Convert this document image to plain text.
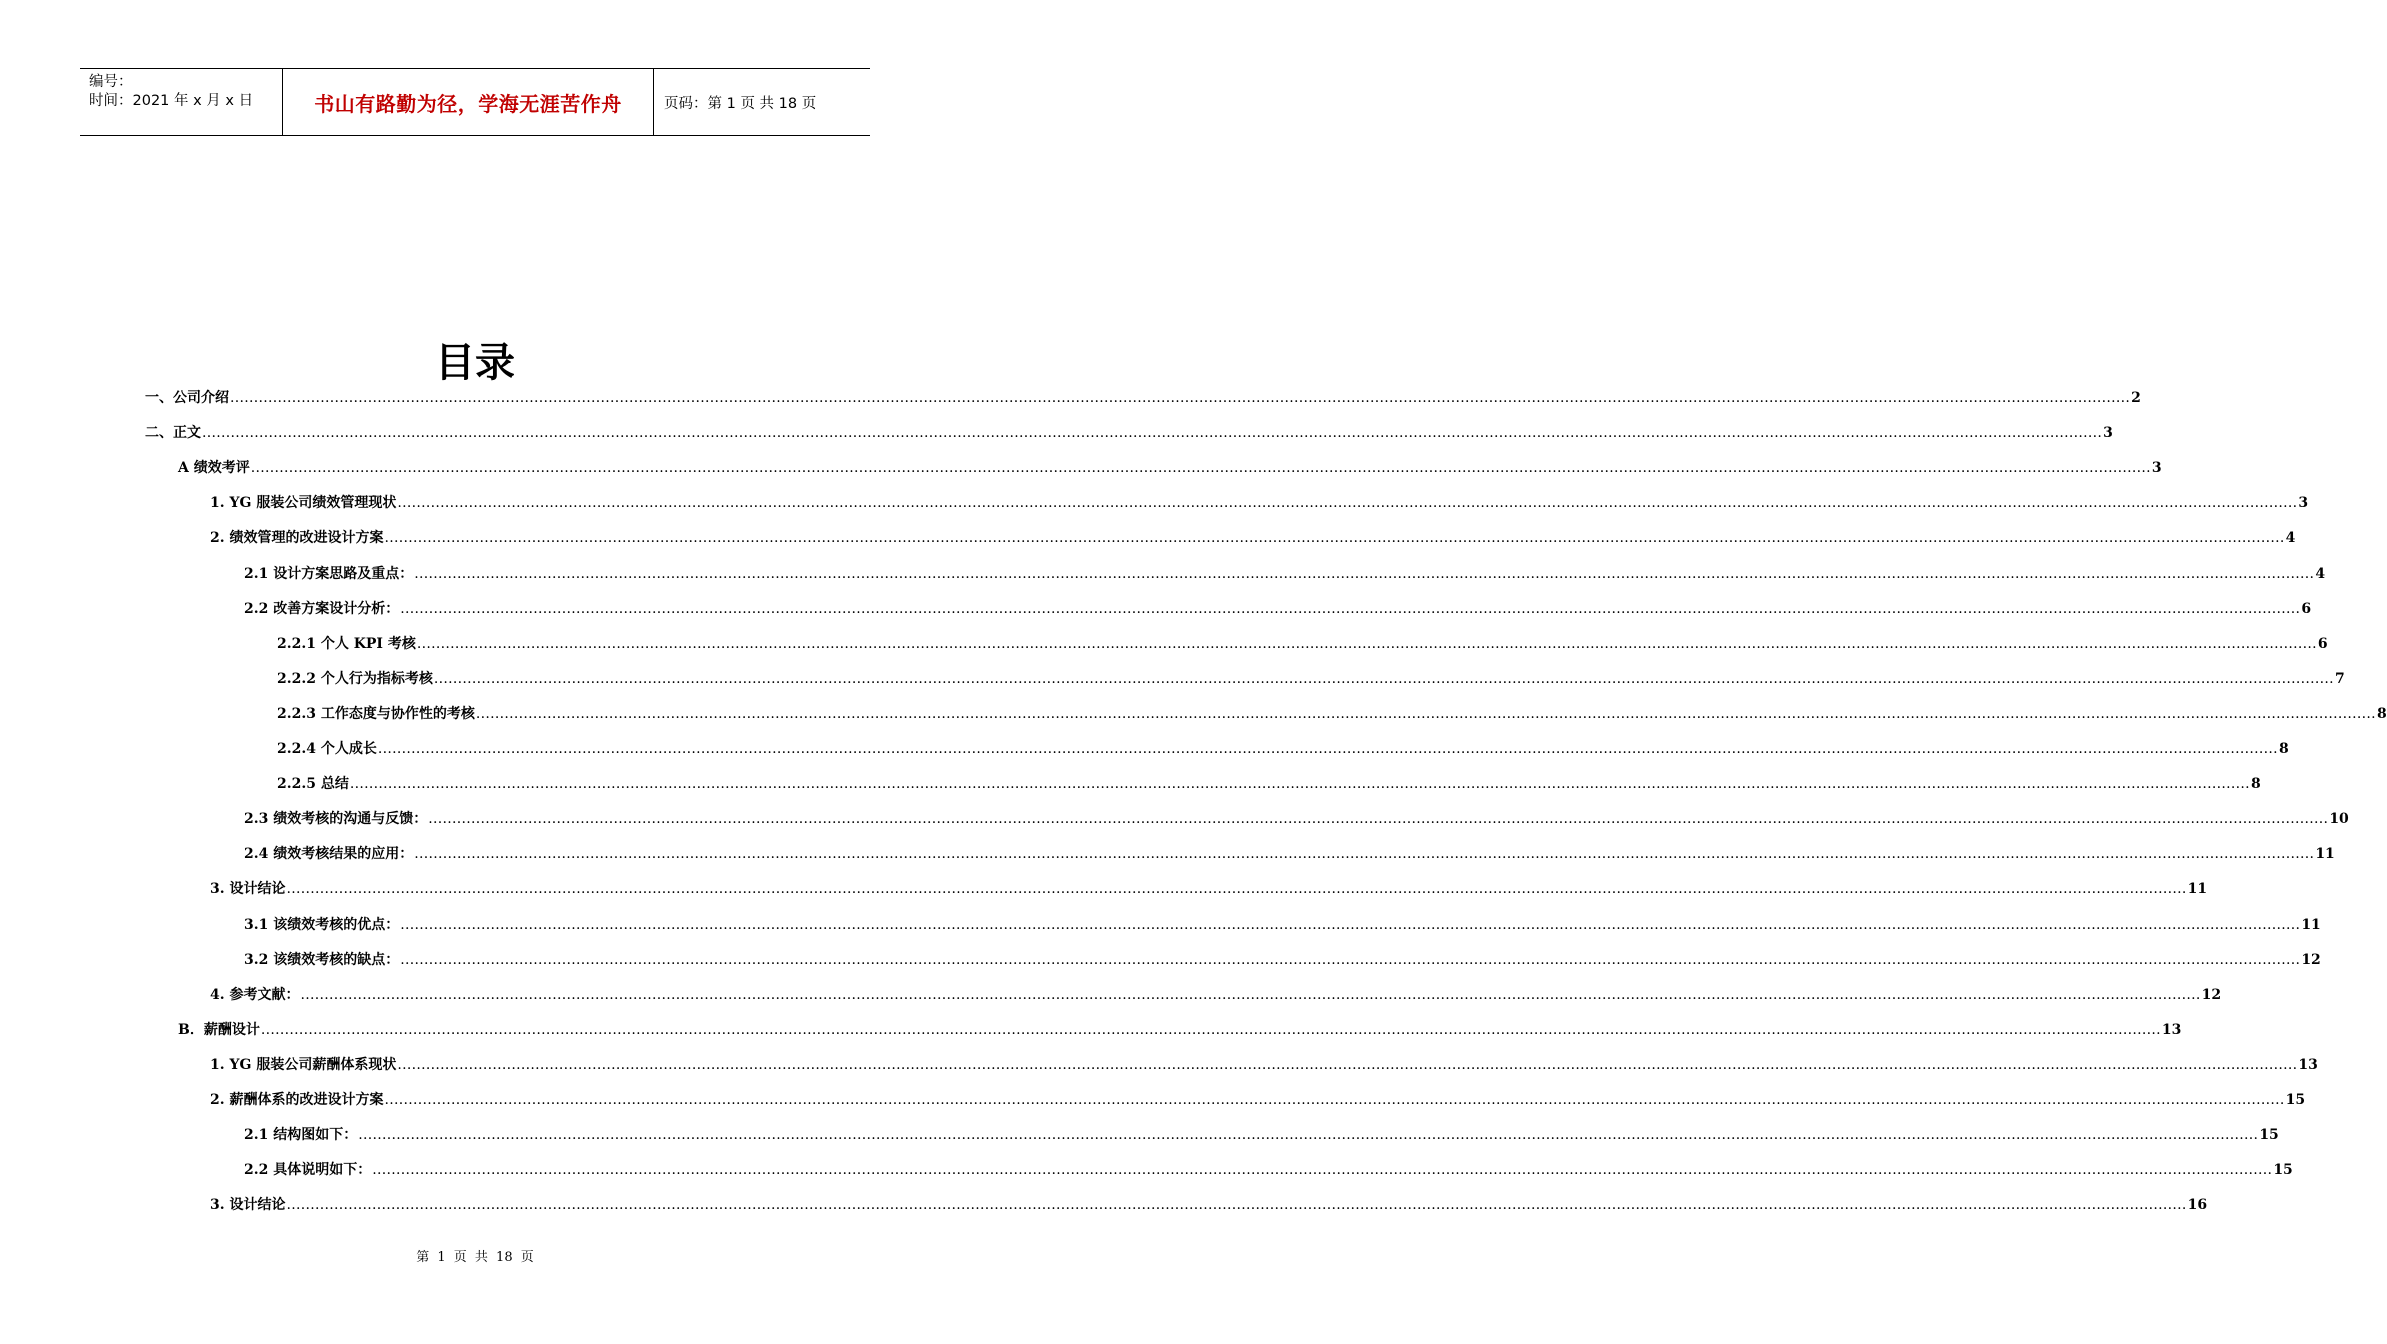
编号：
时间：2021 年 x 月 x 日	书山有路勤为径，学海无涯苦作舟	页码：第 1 页 共 18 页
目录
一、公司介绍 ................................................................................................................................................................................................................................................................................................................................................................................................................ 2
二、正文 ................................................................................................................................................................................................................................................................................................................................................................................................................ 3
A 绩效考评 ................................................................................................................................................................................................................................................................................................................................................................................................................ 3
1. YG 服装公司绩效管理现状 ................................................................................................................................................................................................................................................................................................................................................................................................................ 3
2. 绩效管理的改进设计方案 ................................................................................................................................................................................................................................................................................................................................................................................................................ 4
2.1 设计方案思路及重点： ................................................................................................................................................................................................................................................................................................................................................................................................................ 4
2.2 改善方案设计分析： ................................................................................................................................................................................................................................................................................................................................................................................................................ 6
2.2.1 个人 KPI 考核 ................................................................................................................................................................................................................................................................................................................................................................................................................ 6
2.2.2 个人行为指标考核 ................................................................................................................................................................................................................................................................................................................................................................................................................ 7
2.2.3 工作态度与协作性的考核 ................................................................................................................................................................................................................................................................................................................................................................................................................ 8
2.2.4 个人成长 ................................................................................................................................................................................................................................................................................................................................................................................................................ 8
2.2.5 总结 ................................................................................................................................................................................................................................................................................................................................................................................................................ 8
2.3 绩效考核的沟通与反馈： ................................................................................................................................................................................................................................................................................................................................................................................................................ 10
2.4 绩效考核结果的应用： ................................................................................................................................................................................................................................................................................................................................................................................................................ 11
3. 设计结论 ................................................................................................................................................................................................................................................................................................................................................................................................................ 11
3.1 该绩效考核的优点： ................................................................................................................................................................................................................................................................................................................................................................................................................ 11
3.2 该绩效考核的缺点： ................................................................................................................................................................................................................................................................................................................................................................................................................ 12
4. 参考文献： ................................................................................................................................................................................................................................................................................................................................................................................................................ 12
B．薪酬设计 ................................................................................................................................................................................................................................................................................................................................................................................................................ 13
1. YG 服装公司薪酬体系现状 ................................................................................................................................................................................................................................................................................................................................................................................................................ 13
2. 薪酬体系的改进设计方案 ................................................................................................................................................................................................................................................................................................................................................................................................................ 15
2.1 结构图如下： ................................................................................................................................................................................................................................................................................................................................................................................................................ 15
2.2 具体说明如下： ................................................................................................................................................................................................................................................................................................................................................................................................................ 15
3. 设计结论 ................................................................................................................................................................................................................................................................................................................................................................................................................ 16
第 1 页 共 18 页
